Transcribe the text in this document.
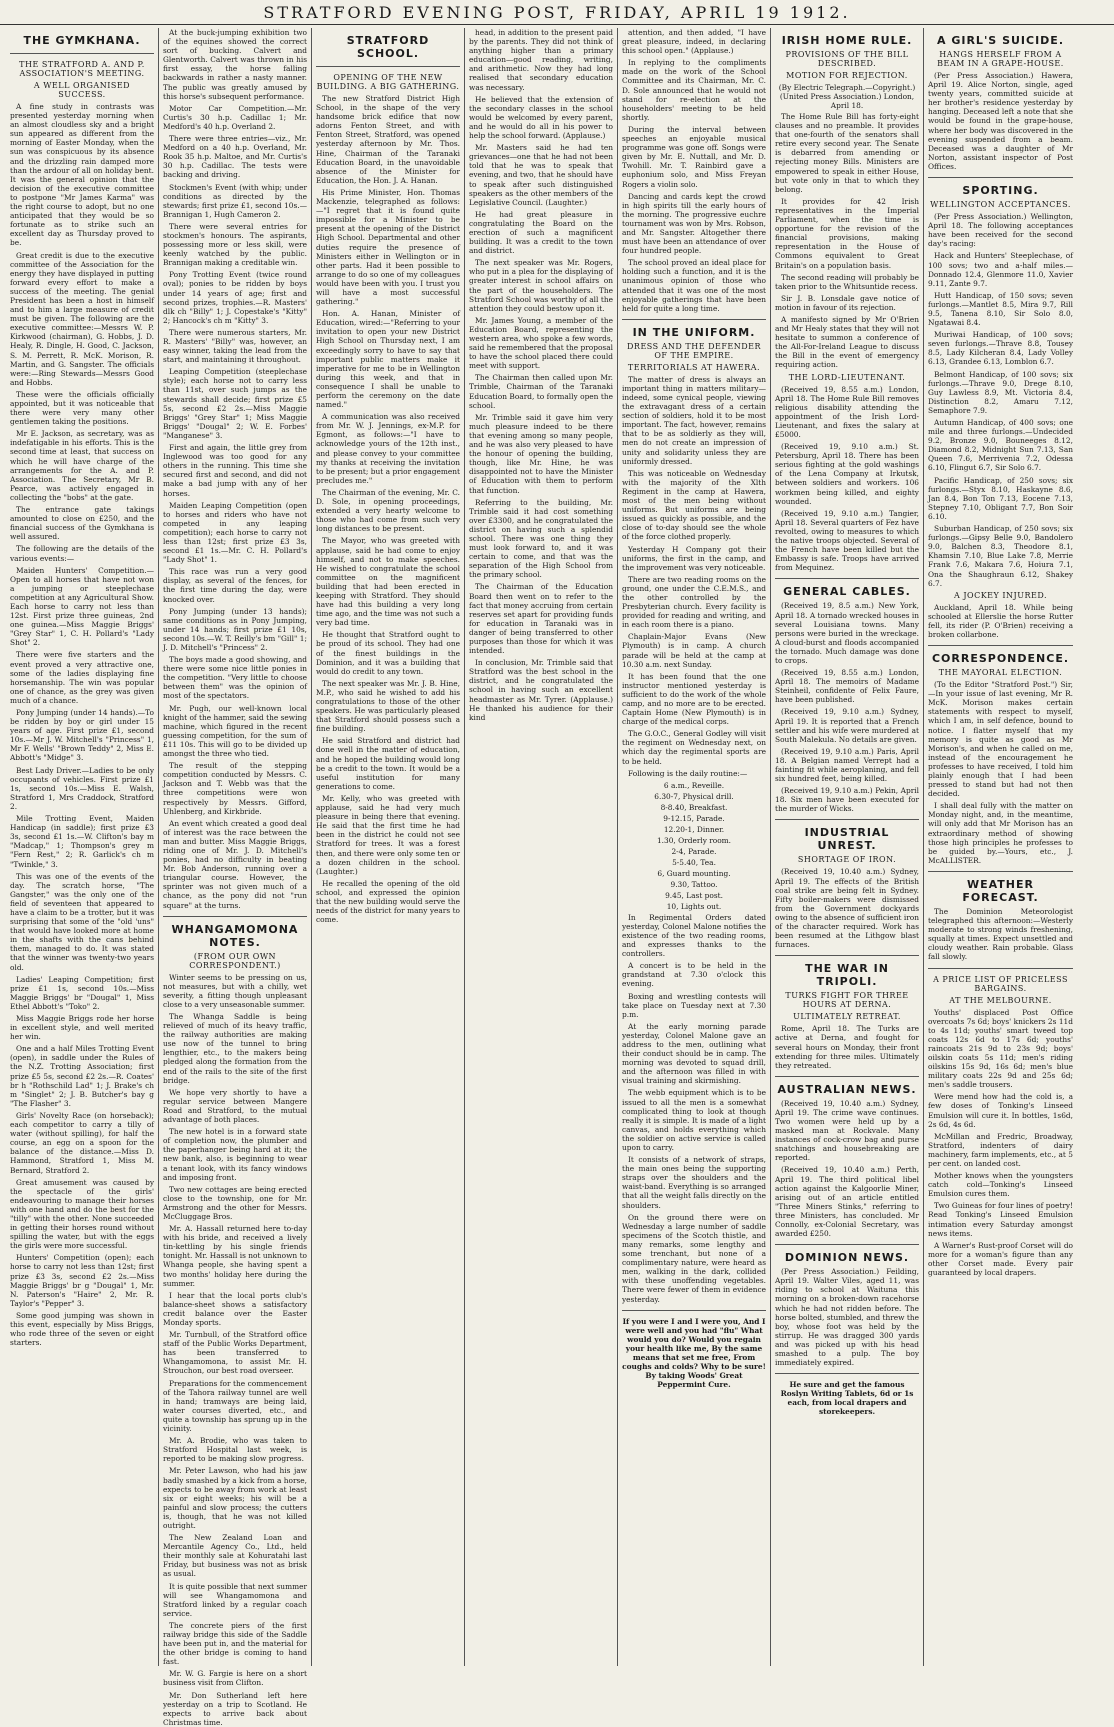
STRATFORD EVENING POST, FRIDAY, APRIL 19 1912.
THE GYMKHANA.
THE STRATFORD A. AND P. ASSOCIATION'S MEETING.
A WELL ORGANISED SUCCESS.

A fine study in contrasts was presented yesterday morning when an almost cloudless sky and a bright sun appeared as different from the morning of Easter Monday, when the sun was conspicuous by its absence and the drizzling rain damped more than the ardour of all on holiday bent. It was the general opinion that the decision of the executive committee to postpone "Mr James Karma" was the right course to adopt, but no one anticipated that they would be so fortunate as to strike such an excellent day as Thursday proved to be.

Great credit is due to the executive committee of the Association for the energy they have displayed in putting forward every effort to make a success of the meeting. The genial President has been a host in himself and to him a large measure of credit must be given. The following are the executive committee:—Messrs W. P. Kirkwood (chairman), G. Hobbs, J. D. Healy, R. Dingle, H. Good, C. Jackson, S. M. Perrett, R. McK. Morison, R. Martin, and G. Sangster. The officials were:—Ring Stewards—Messrs Good and Hobbs.

These were the officials officially appointed, but it was noticeable that there were very many other gentlemen taking the positions.

Mr E. Jackson, as secretary, was as indefatigable in his efforts. This is the second time at least, that success on which he will have charge of the arrangements for the A. and P. Association. The Secretary, Mr B. Pearce, was actively engaged in collecting the "bobs" at the gate.

The entrance gate takings amounted to close on £250, and the financial success of the Gymkhana is well assured.

The following are the details of the various events:—

Maiden Hunters' Competition.—Open to all horses that have not won a jumping or steeplechase competition at any Agricultural Show. Each horse to carry not less than 12st. First prize three guineas, 2nd one guinea.—Miss Maggie Briggs' "Grey Star" 1, C. H. Pollard's "Lady Shot" 2.

There were five starters and the event proved a very attractive one, some of the ladies displaying fine horsemanship. The win was popular one of chance, as the grey was given much of a chance.

Pony Jumping (under 14 hands).—To be ridden by boy or girl under 15 years of age. First prize £1, second 10s.—Mr J. W. Mitchell's "Princess" 1, Mr F. Wells' "Brown Teddy" 2, Miss E. Abbott's "Midge" 3.

Best Lady Driver.—Ladies to be only occupants of vehicles. First prize £1 1s, second 10s.—Miss E. Walsh, Stratford 1, Mrs Craddock, Stratford 2.

Mile Trotting Event, Maiden Handicap (in saddle); first prize £3 3s, second £1 1s.—W. Clifton's bay m "Madcap," 1; Thompson's grey m "Fern Rest," 2; R. Garlick's ch m "Twinkle," 3.

This was one of the events of the day. The scratch horse, "The Gangster," was the only one of the field of seventeen that appeared to have a claim to be a trotter, but it was surprising that some of the "old 'uns" that would have looked more at home in the shafts with the cans behind them, managed to do. It was stated that the winner was twenty-two years old.

Ladies' Leaping Competition; first prize £1 1s, second 10s.—Miss Maggie Briggs' br "Dougal" 1, Miss Ethel Abbott's "Toko" 2.

Miss Maggie Briggs rode her horse in excellent style, and well merited her win.

One and a half Miles Trotting Event (open), in saddle under the Rules of the N.Z. Trotting Association; first prize £5 5s, second £2 2s.—R. Coates' br h "Rothschild Lad" 1; J. Brake's ch m "Singlet" 2; J. B. Butcher's bay g "The Flasher" 3.

Girls' Novelty Race (on horseback); each competitor to carry a tilly of water (without spilling), for half the course, an egg on a spoon for the balance of the distance.—Miss D. Hammond, Stratford 1, Miss M. Bernard, Stratford 2.

Great amusement was caused by the spectacle of the girls' endeavouring to manage their horses with one hand and do the best for the "tilly" with the other. None succeeded in getting their horses round without spilling the water, but with the eggs the girls were more successful.

Hunters' Competition (open); each horse to carry not less than 12st; first prize £3 3s, second £2 2s.—Miss Maggie Briggs' br g "Dougal" 1, Mr. N. Paterson's "Haire" 2, Mr. R. Taylor's "Pepper" 3.

Some good jumping was shown in this event, especially by Miss Briggs, who rode three of the seven or eight starters.

At the buck-jumping exhibition two of the equines showed the correct sort of bucking. Calvert and Glentworth. Calvert was thrown in his first essay, the horse falling backwards in rather a nasty manner. The public was greatly amused by this horse's subsequent performance.

Motor Car Competition.—Mr. Curtis's 30 h.p. Cadillac 1; Mr. Medford's 40 h.p. Overland 2.

There were three entries—viz., Mr. Medford on a 40 h.p. Overland, Mr. Rook 35 h.p. Maltoe, and Mr. Curtis's 30 h.p. Cadillac. The tests were backing and driving.

Stockmen's Event (with whip; under conditions as directed by the stewards; first prize £1, second 10s.—Brannigan 1, Hugh Cameron 2.

There were several entries for stockmen's honours. The aspirants, possessing more or less skill, were keenly watched by the public. Brannigan making a creditable win.

Pony Trotting Event (twice round oval); ponies to be ridden by boys under 14 years of age; first and second prizes, trophies.—R. Masters' dlk ch "Billy" 1; J. Copestake's "Kitty" 2; Hancock's ch m "Kitty" 3.

There were numerous starters, Mr. R. Masters' "Billy" was, however, an easy winner, taking the lead from the start, and maintaining it throughout.

Leaping Competition (steeplechase style); each horse not to carry less than 11st, over such jumps as the stewards shall decide; first prize £5 5s, second £2 2s.—Miss Maggie Briggs' "Grey Star" 1; Miss Maggie Briggs' "Dougal" 2; W. E. Forbes' "Manganese" 3.

First and again, the little grey from Inglewood was too good for any others in the running. This time she secured first and second, and did not make a bad jump with any of her horses.

Maiden Leaping Competition (open to horses and riders who have not competed in any leaping competition); each horse to carry not less than 12st; first prize £3 3s, second £1 1s.—Mr. C. H. Pollard's "Lady Shot" 1.

This race was run a very good display, as several of the fences, for the first time during the day, were knocked over.

Pony Jumping (under 13 hands); same conditions as in Pony Jumping, under 14 hands; first prize £1 10s, second 10s.—W. T. Reilly's bm "Gill" 1; J. D. Mitchell's "Princess" 2.

The boys made a good showing, and there were some nice little ponies in the competition. "Very little to choose between them" was the opinion of most of the spectators.

Mr. Pugh, our well-known local knight of the hammer, said the sewing machine, which figured in the recent guessing competition, for the sum of £11 10s. This will go to be divided up amongst the three who tied.

The result of the stepping competition conducted by Messrs. C. Jackson and T. Webb was that the three competitions were won respectively by Messrs. Gifford, Uhlenberg, and Kirkbride.

An event which created a good deal of interest was the race between the man and butter. Miss Maggie Briggs, riding one of Mr. J. D. Mitchell's ponies, had no difficulty in beating Mr. Bob Anderson, running over a triangular course. However, the sprinter was not given much of a chance, as the pony did not "run square" at the turns.

WHANGAMOMONA NOTES.
(FROM OUR OWN CORRESPONDENT.)

Winter seems to be pressing on us, not measures, but with a chilly, wet severity, a fitting though unpleasant close to a very unseasonable summer.

The Whanga Saddle is being relieved of much of its heavy traffic, the railway authorities are making use now of the tunnel to bring lengthier, etc., to the makers being pledged along the formation from the end of the rails to the site of the first bridge.

We hope very shortly to have a regular service between Mangere Road and Stratford, to the mutual advantage of both places.

The new hotel is in a forward state of completion now, the plumber and the paperhanger being hard at it; the new bank, also, is beginning to wear a tenant look, with its fancy windows and imposing front.

Two new cottages are being erected close to the township, one for Mr. Armstrong and the other for Messrs. McCluggage Bros.

Mr. A. Hassall returned here to-day with his bride, and received a lively tin-kettling by his single friends tonight. Mr. Hassall is not unknown to Whanga people, she having spent a two months' holiday here during the summer.

I hear that the local ports club's balance-sheet shows a satisfactory credit balance over the Easter Monday sports.

Mr. Turnbull, of the Stratford office staff of the Public Works Department, has been transferred to Whangamomona, to assist Mr. H. Strouchon, our best road overseer.

Preparations for the commencement of the Tahora railway tunnel are well in hand; tramways are being laid, water courses diverted, etc., and quite a township has sprung up in the vicinity.

Mr. A. Brodie, who was taken to Stratford Hospital last week, is reported to be making slow progress.

Mr. Peter Lawson, who had his jaw badly smashed by a kick from a horse, expects to be away from work at least six or eight weeks; his will be a painful and slow process; the cutters is, though, that he was not killed outright.

The New Zealand Loan and Mercantile Agency Co., Ltd., held their monthly sale at Kohuratahi last Friday, but business was not as brisk as usual.

It is quite possible that next summer will see Whangamomona and Stratford linked by a regular coach service.

The concrete piers of the first railway bridge this side of the Saddle have been put in, and the material for the other bridge is coming to hand fast.

Mr. W. G. Fargie is here on a short business visit from Clifton.

Mr. Don Sutherland left here yesterday on a trip to Scotland. He expects to arrive back about Christmas time.

STRATFORD SCHOOL.
OPENING OF THE NEW BUILDING. A BIG GATHERING.

The new Stratford District High School, in the shape of the very handsome brick edifice that now adorns Fenton Street, and with Fenton Street, Stratford, was opened yesterday afternoon by Mr. Thos. Hine, Chairman of the Taranaki Education Board, in the unavoidable absence of the Minister for Education, the Hon. J. A. Hanan.

His Prime Minister, Hon. Thomas Mackenzie, telegraphed as follows:—"I regret that it is found quite impossible for a Minister to be present at the opening of the District High School. Departmental and other duties require the presence of Ministers either in Wellington or in other parts. Had it been possible to arrange to do so one of my colleagues would have been with you. I trust you will have a most successful gathering."

Hon. A. Hanan, Minister of Education, wired:—"Referring to your invitation to open your new District High School on Thursday next, I am exceedingly sorry to have to say that important public matters make it imperative for me to be in Wellington during this week, and that in consequence I shall be unable to perform the ceremony on the date named."

A communication was also received from Mr. W. J. Jennings, ex-M.P. for Egmont, as follows:—"I have to acknowledge yours of the 12th inst., and please convey to your committee my thanks at receiving the invitation to be present; but a prior engagement precludes me."

The Chairman of the evening, Mr. C. D. Sole, in opening proceedings, extended a very hearty welcome to those who had come from such very long distances to be present.

The Mayor, who was greeted with applause, said he had come to enjoy himself, and not to make speeches. He wished to congratulate the school committee on the magnificent building that had been erected in keeping with Stratford. They should have had this building a very long time ago, and the time was not such a very bad time.

He thought that Stratford ought to be proud of its school. They had one of the finest buildings in the Dominion, and it was a building that would do credit to any town.

The next speaker was Mr. J. B. Hine, M.P., who said he wished to add his congratulations to those of the other speakers. He was particularly pleased that Stratford should possess such a fine building.

He said Stratford and district had done well in the matter of education, and he hoped the building would long be a credit to the town. It would be a useful institution for many generations to come.

Mr. Kelly, who was greeted with applause, said he had very much pleasure in being there that evening. He said that the first time he had been in the district he could not see Stratford for trees. It was a forest then, and there were only some ten or a dozen children in the school. (Laughter.)

He recalled the opening of the old school, and expressed the opinion that the new building would serve the needs of the district for many years to come.

head, in addition to the present paid by the parents. They did not think of anything higher than a primary education—good reading, writing, and arithmetic. Now they had long realised that secondary education was necessary.

He believed that the extension of the secondary classes in the school would be welcomed by every parent, and he would do all in his power to help the school forward. (Applause.)

Mr. Masters said he had ten grievances—one that he had not been told that he was to speak that evening, and two, that he should have to speak after such distinguished speakers as the other members of the Legislative Council. (Laughter.)

He had great pleasure in congratulating the Board on the erection of such a magnificent building. It was a credit to the town and district.

The next speaker was Mr. Rogers, who put in a plea for the displaying of greater interest in school affairs on the part of the householders. The Stratford School was worthy of all the attention they could bestow upon it.

Mr. James Young, a member of the Education Board, representing the western area, who spoke a few words, said he remembered that the proposal to have the school placed there could meet with support.

The Chairman then called upon Mr. Trimble, Chairman of the Taranaki Education Board, to formally open the school.

Mr. Trimble said it gave him very much pleasure indeed to be there that evening among so many people, and he was also very pleased to have the honour of opening the building, though, like Mr. Hine, he was disappointed not to have the Minister of Education with them to perform that function.

Referring to the building, Mr. Trimble said it had cost something over £3300, and he congratulated the district on having such a splendid school. There was one thing they must look forward to, and it was certain to come, and that was the separation of the High School from the primary school.

The Chairman of the Education Board then went on to refer to the fact that money accruing from certain reserves set apart for providing funds for education in Taranaki was in danger of being transferred to other purposes than those for which it was intended.

In conclusion, Mr. Trimble said that Stratford was the best school in the district, and he congratulated the school in having such an excellent headmaster as Mr. Tyrer. (Applause.) He thanked his audience for their kind

attention, and then added, "I have great pleasure, indeed, in declaring this school open." (Applause.)

In replying to the compliments made on the work of the School Committee and its Chairman, Mr. C. D. Sole announced that he would not stand for re-election at the householders' meeting to be held shortly.

During the interval between speeches an enjoyable musical programme was gone off. Songs were given by Mr. E. Nuttall, and Mr. D. Twohill. Mr. T. Rainbird gave a euphonium solo, and Miss Freyan Rogers a violin solo.

Dancing and cards kept the crowd in high spirits till the early hours of the morning. The progressive euchre tournament was won by Mrs. Robson, and Mr. Sangster. Altogether there must have been an attendance of over four hundred people.

The school proved an ideal place for holding such a function, and it is the unanimous opinion of those who attended that it was one of the most enjoyable gatherings that have been held for quite a long time.

IN THE UNIFORM.
DRESS AND THE DEFENDER OF THE EMPIRE.
TERRITORIALS AT HAWERA.

The matter of dress is always an important thing in matters military—indeed, some cynical people, viewing the extravagant dress of a certain section of soldiers, hold it to be most important. The fact, however, remains that to be as soldierly as they will, men do not create an impression of unity and solidarity unless they are uniformly dressed.

This was noticeable on Wednesday with the majority of the Xlth Regiment in the camp at Hawera, most of the men being without uniforms. But uniforms are being issued as quickly as possible, and the close of to-day should see the whole of the force clothed properly.

Yesterday H Company got their uniforms, the first in the camp, and the improvement was very noticeable.

There are two reading rooms on the ground, one under the C.E.M.S., and the other controlled by the Presbyterian church. Every facility is provided for reading and writing, and in each room there is a piano.

Chaplain-Major Evans (New Plymouth) is in camp. A church parade will be held at the camp at 10.30 a.m. next Sunday.

It has been found that the one instructor mentioned yesterday is sufficient to do the work of the whole camp, and no more are to be erected. Captain Home (New Plymouth) is in charge of the medical corps.

The G.O.C., General Godley will visit the regiment on Wednesday next, on which day the regimental sports are to be held.

Following is the daily routine:—

6 a.m., Reveille.
6.30-7, Physical drill.
8-8.40, Breakfast.
9-12.15, Parade.
12.20-1, Dinner.
1.30, Orderly room.
2-4, Parade.
5-5.40, Tea.
6, Guard mounting.
9.30, Tattoo.
9.45, Last post.
10, Lights out.

In Regimental Orders dated yesterday, Colonel Malone notifies the existence of the two reading rooms, and expresses thanks to the controllers.

A concert is to be held in the grandstand at 7.30 o'clock this evening.

Boxing and wrestling contests will take place on Tuesday next at 7.30 p.m.

At the early morning parade yesterday, Colonel Malone gave an address to the men, outlining what their conduct should be in camp. The morning was devoted to squad drill, and the afternoon was filled in with visual training and skirmishing.

The webb equipment which is to be issued to all the men is a somewhat complicated thing to look at though really it is simple. It is made of a light canvas, and holds everything which the soldier on active service is called upon to carry.

It consists of a network of straps, the main ones being the supporting straps over the shoulders and the waist-band. Everything is so arranged that all the weight falls directly on the shoulders.

On the ground there were on Wednesday a large number of saddle specimens of the Scotch thistle, and many remarks, some lengthy and some trenchant, but none of a complimentary nature, were heard as men, walking in the dark, collided with these unoffending vegetables. There were fewer of them in evidence yesterday.

If you were I and I were you, And I were well and you had "flu" What would you do? Would you regain your health like me, By the same means that set me free, From coughs and colds? Why to be sure! By taking Woods' Great Peppermint Cure.
IRISH HOME RULE.
PROVISIONS OF THE BILL DESCRIBED.
MOTION FOR REJECTION.
(By Electric Telegraph.—Copyright.) (United Press Association.) London, April 18.

The Home Rule Bill has forty-eight clauses and no preamble. It provides that one-fourth of the senators shall retire every second year. The Senate is debarred from amending or rejecting money Bills. Ministers are empowered to speak in either House, but vote only in that to which they belong.

It provides for 42 Irish representatives in the Imperial Parliament, when the time is opportune for the revision of the financial provisions, making representation in the House of Commons equivalent to Great Britain's on a population basis.

The second reading will probably be taken prior to the Whitsuntide recess.

Sir J. B. Lonsdale gave notice of motion in favour of its rejection.

A manifesto signed by Mr O'Brien and Mr Healy states that they will not hesitate to summon a conference of the All-For-Ireland League to discuss the Bill in the event of emergency requiring action.

THE LORD-LIEUTENANT.

(Received 19, 8.55 a.m.) London, April 18. The Home Rule Bill removes religious disability attending the appointment of the Irish Lord-Lieutenant, and fixes the salary at £5000.

(Received 19, 9.10 a.m.) St. Petersburg, April 18. There has been serious fighting at the gold washings of the Lena Company at Irkutsk, between soldiers and workers. 106 workmen being killed, and eighty wounded.

(Received 19, 9.10 a.m.) Tangier, April 18. Several quarters of Fez have revolted, owing to measures to which the native troops objected. Several of the French have been killed but the Embassy is safe. Troops have arrived from Mequinez.

GENERAL CABLES.

(Received 19, 8.5 a.m.) New York, April 18. A tornado wrecked houses in several Louisiana towns. Many persons were buried in the wreckage. A cloud-burst and floods accompanied the tornado. Much damage was done to crops.

(Received 19, 8.55 a.m.) London, April 18. The memoirs of Madame Steinheil, confidente of Felix Faure, have been published.

(Received 19, 9.10 a.m.) Sydney, April 19. It is reported that a French settler and his wife were murdered at South Malekula. No details are given.

(Received 19, 9.10 a.m.) Paris, April 18. A Belgian named Verrept had a fainting fit while aeroplaning, and fell six hundred feet, being killed.

(Received 19, 9.10 a.m.) Pekin, April 18. Six men have been executed for the murder of Wicks.

INDUSTRIAL UNREST.
SHORTAGE OF IRON.

(Received 19, 10.40 a.m.) Sydney, April 19. The effects of the British coal strike are being felt in Sydney. Fifty boiler-makers were dismissed from the Government dockyards owing to the absence of sufficient iron of the character required. Work has been resumed at the Lithgow blast furnaces.

THE WAR IN TRIPOLI.
TURKS FIGHT FOR THREE HOURS AT DERNA.
ULTIMATELY RETREAT.

Rome, April 18. The Turks are active at Derna, and fought for several hours on Monday, their front extending for three miles. Ultimately they retreated.

AUSTRALIAN NEWS.

(Received 19, 10.40 a.m.) Sydney, April 19. The crime wave continues. Two women were held up by a masked man at Rockvale. Many instances of cock-crow bag and purse snatchings and housebreaking are reported.

(Received 19, 10.40 a.m.) Perth, April 19. The third political libel action against the Kalgoorlie Miner, arising out of an article entitled "Three Miners Stinks," referring to three Ministers, has concluded. Mr Connolly, ex-Colonial Secretary, was awarded £250.

DOMINION NEWS.

(Per Press Association.) Feilding, April 19. Walter Viles, aged 11, was riding to school at Waituna this morning on a broken-down racehorse which he had not ridden before. The horse bolted, stumbled, and threw the boy, whose foot was held by the stirrup. He was dragged 300 yards and was picked up with his head smashed to a pulp. The boy immediately expired.

He sure and get the famous Roslyn Writing Tablets, 6d or 1s each, from local drapers and storekeepers.
A GIRL'S SUICIDE.
HANGS HERSELF FROM A BEAM IN A GRAPE-HOUSE.

(Per Press Association.) Hawera, April 19. Alice Norton, single, aged twenty years, committed suicide at her brother's residence yesterday by hanging. Deceased left a note that she would be found in the grape-house, where her body was discovered in the evening suspended from a beam. Deceased was a daughter of Mr Norton, assistant inspector of Post Offices.

SPORTING.
WELLINGTON ACCEPTANCES.

(Per Press Association.) Wellington, April 18. The following acceptances have been received for the second day's racing:

Hack and Hunters' Steeplechase, of 100 sovs; two and a-half miles.—Donnado 12.4, Glenmore 11.0, Xavier 9.11, Zante 9.7.

Hutt Handicap, of 150 sovs; seven furlongs.—Mantlet 8.5, Mira 9.7, Rill 9.5, Tanena 8.10, Sir Solo 8.0, Ngatawai 8.4.

Muriwai Handicap, of 100 sovs; seven furlongs.—Thrave 8.8, Tousey 8.5, Lady Kilcheran 8.4, Lady Volley 6.13, Grandee 6.13, Lomblon 6.7.

Belmont Handicap, of 100 sovs; six furlongs.—Thrave 9.0, Drege 8.10, Guy Lawless 8.9, Mt. Victoria 8.4, Distinction 8.2, Amaru 7.12, Semaphore 7.9.

Autumn Handicap, of 400 sovs; one mile and three furlongs.—Undecided 9.2, Bronze 9.0, Bouneeges 8.12, Diamond 8.2, Midnight Sun 7.13, San Queen 7.6, Merrivenia 7.2, Odessa 6.10, Flingut 6.7, Sir Solo 6.7.

Pacific Handicap, of 250 sovs; six furlongs.—Styx 8.10, Haskayne 8.6, Jan 8.4, Bon Ton 7.13, Eocene 7.13, Stepney 7.10, Obligant 7.7, Bon Soir 6.10.

Suburban Handicap, of 250 sovs; six furlongs.—Gipsy Belle 9.0, Bandolero 9.0, Balchen 8.3, Theodore 8.1, Khamsin 7.10, Blue Lake 7.8, Merrie Frank 7.6, Makara 7.6, Hoiura 7.1, Ona the Shaughraun 6.12, Shakey 6.7.

A JOCKEY INJURED.

Auckland, April 18. While being schooled at Ellerslie the horse Rutter fell, its rider (P. O'Brien) receiving a broken collarbone.

CORRESPONDENCE.
THE MAYORAL ELECTION.

(To the Editor "Stratford Post.") Sir,—In your issue of last evening, Mr R. McK. Morison makes certain statements with respect to myself, which I am, in self defence, bound to notice. I flatter myself that my memory is quite as good as Mr Morison's, and when he called on me, instead of the encouragement he professes to have received, I told him plainly enough that I had been pressed to stand but had not then decided.

I shall deal fully with the matter on Monday night, and, in the meantime, will only add that Mr Morison has an extraordinary method of showing those high principles he professes to be guided by.—Yours, etc., J. McALLISTER.

WEATHER FORECAST.

The Dominion Meteorologist telegraphed this afternoon:—Westerly moderate to strong winds freshening, squally at times. Expect unsettled and cloudy weather. Rain probable. Glass fall slowly.

A PRICE LIST OF PRICELESS BARGAINS.
AT THE MELBOURNE.

Youths' displaced Post Office overcoats 7s 6d; boys' knickers 2s 11d to 4s 11d; youths' smart tweed top coats 12s 6d to 17s 6d; youths' raincoats 21s 9d to 23s 9d; boys' oilskin coats 5s 11d; men's riding oilskins 15s 9d, 16s 6d; men's blue military coats 22s 9d and 25s 6d; men's saddle trousers.

Were mend how had the cold is, a few doses of Tonking's Linseed Emulsion will cure it. In bottles, 1s6d, 2s 6d, 4s 6d.

McMillan and Fredric, Broadway, Stratford, indenters of dairy machinery, farm implements, etc., at 5 per cent. on landed cost.

Mother knows when the youngsters catch cold—Tonking's Linseed Emulsion cures them.

Two Guineas for four lines of poetry! Read Tonking's Linseed Emulsion intimation every Saturday amongst news items.

A Warner's Rust-proof Corset will do more for a woman's figure than any other Corset made. Every pair guaranteed by local drapers.
